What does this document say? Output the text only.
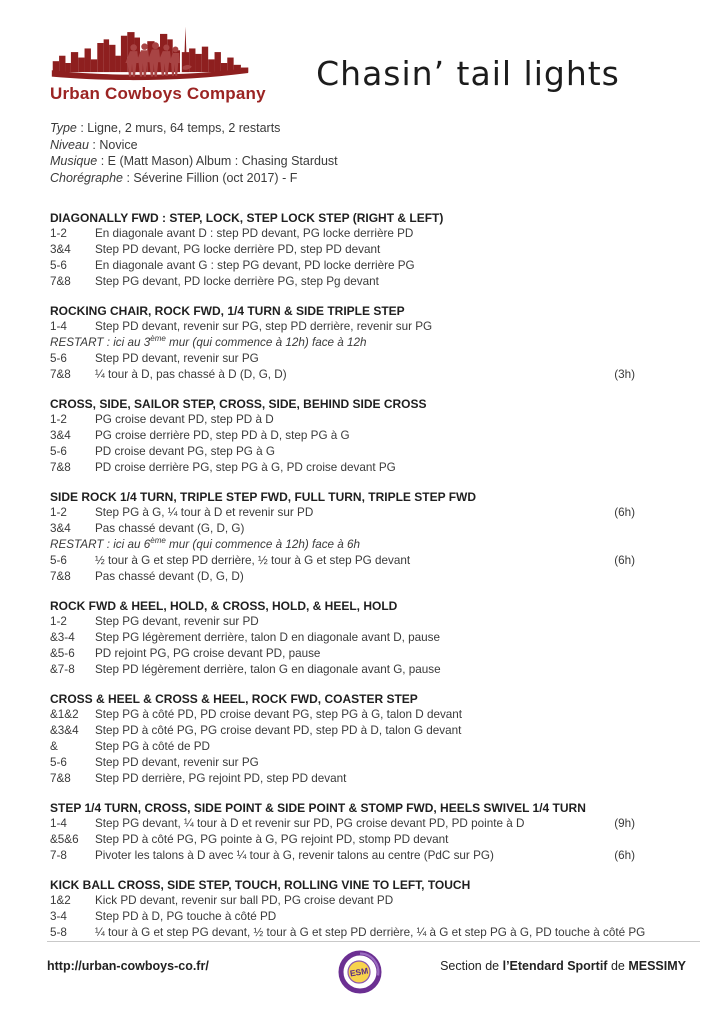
Urban Cowboys Company
Chasin’ tail lights
Type : Ligne, 2 murs, 64 temps, 2 restarts
Niveau : Novice
Musique : E (Matt Mason) Album : Chasing Stardust
Chorégraphe : Séverine Fillion (oct 2017) - F
DIAGONALLY FWD : STEP, LOCK, STEP LOCK STEP (RIGHT & LEFT)
1-2	En diagonale avant D : step PD devant, PG locke derrière PD
3&4	Step PD devant, PG locke derrière PD, step PD devant
5-6	En diagonale avant G : step PG devant, PD locke derrière PG
7&8	Step PG devant, PD locke derrière PG, step Pg devant
ROCKING CHAIR, ROCK FWD, 1/4 TURN & SIDE TRIPLE STEP
1-4	Step PD devant, revenir sur PG, step PD derrière, revenir sur PG
RESTART : ici au 3ème mur (qui commence à 12h) face à 12h
5-6	Step PD devant, revenir sur PG
7&8	¼ tour à D, pas chassé à D (D, G, D)	(3h)
CROSS, SIDE, SAILOR STEP, CROSS, SIDE, BEHIND SIDE CROSS
1-2	PG croise devant PD, step PD à D
3&4	PG croise derrière PD, step PD à D, step PG à G
5-6	PD croise devant PG, step PG à G
7&8	PD croise derrière PG, step PG à G, PD croise devant PG
SIDE ROCK 1/4 TURN, TRIPLE STEP FWD, FULL TURN, TRIPLE STEP FWD
1-2	Step PG à G, ¼ tour à D et revenir sur PD	(6h)
3&4	Pas chassé devant (G, D, G)
RESTART : ici au 6ème mur (qui commence à 12h) face à 6h
5-6	½ tour à G et step PD derrière, ½ tour à G et step PG devant	(6h)
7&8	Pas chassé devant (D, G, D)
ROCK FWD & HEEL, HOLD, & CROSS, HOLD, & HEEL, HOLD
1-2	Step PG devant, revenir sur PD
&3-4	Step PG légèrement derrière, talon D en diagonale avant D, pause
&5-6	PD rejoint PG, PG croise devant PD, pause
&7-8	Step PD légèrement derrière, talon G en diagonale avant G, pause
CROSS & HEEL & CROSS & HEEL, ROCK FWD, COASTER STEP
&1&2	Step PG à côté PD, PD croise devant PG, step PG à G, talon D devant
&3&4	Step PD à côté PG, PG croise devant PD, step PD à D, talon G devant
&	Step PG à côté de PD
5-6	Step PD devant, revenir sur PG
7&8	Step PD derrière, PG rejoint PD, step PD devant
STEP 1/4 TURN, CROSS, SIDE POINT & SIDE POINT & STOMP FWD, HEELS SWIVEL 1/4 TURN
1-4	Step PG devant, ¼ tour à D et revenir sur PD, PG croise devant PD, PD pointe à D	(9h)
&5&6	Step PD à côté PG, PG pointe à G, PG rejoint PD, stomp PD devant
7-8	Pivoter les talons à D avec ¼ tour à G, revenir talons au centre (PdC sur PG)	(6h)
KICK BALL CROSS, SIDE STEP, TOUCH, ROLLING VINE TO LEFT, TOUCH
1&2	Kick PD devant, revenir sur ball PD, PG croise devant PD
3-4	Step PD à D, PG touche à côté PD
5-8	¼ tour à G et step PG devant, ½ tour à G et step PD derrière, ¼ à G et step PG à G, PD touche à côté PG
http://urban-cowboys-co.fr/	ESM	Section de l’Etendard Sportif de MESSIMY
